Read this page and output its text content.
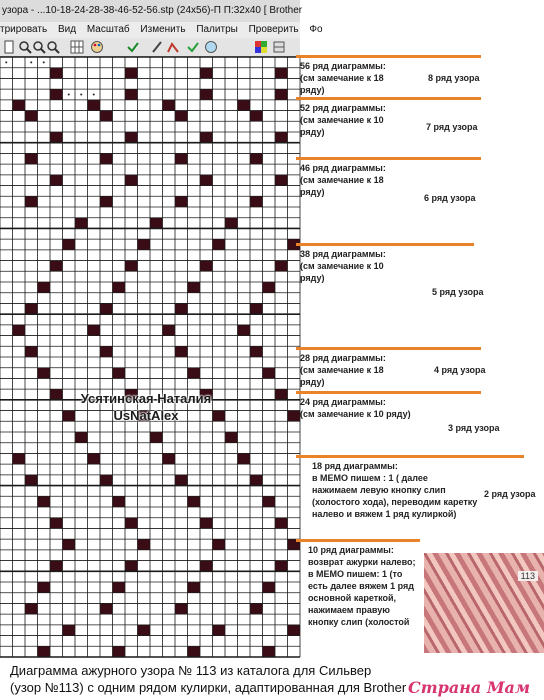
узора - ...10-18-24-28-38-46-52-56.stp (24x56)-П П:32x40 [ Brother
трировать Вид Масштаб Изменить Палитры Проверить Фо
Усятинская Наталия
UsNatAlex
56 ряд диаграммы:
(см замечание к 18
ряду)
8 ряд узора
52 ряд диаграммы:
(см замечание к 10
ряду)	7 ряд узора
46 ряд диаграммы:
(см замечание к 18
ряду)
6 ряд узора
38 ряд диаграммы:
(см замечание к 10
ряду)
5 ряд узора
28 ряд диаграммы:
(см замечание к 18
ряду)
4 ряд узора
24 ряд диаграммы:
(см замечание к 10 ряду)
3 ряд узора
18 ряд диаграммы:
в МЕМО пишем : 1 ( далее
нажимаем левую кнопку слип
(холостого хода), переводим каретку
налево и вяжем 1 ряд кулиркой)
2 ряд узора
10 ряд диаграммы:
возврат ажурки налево;
в МЕМО пишем: 1 (то
есть далее вяжем 1 ряд
основной кареткой,
нажимаем правую
кнопку слип (холостой
113
Диаграмма ажурного узора № 113 из каталога для Сильвер
(узор №113) с одним рядом кулирки, адаптированная для Brother Страна Мам
